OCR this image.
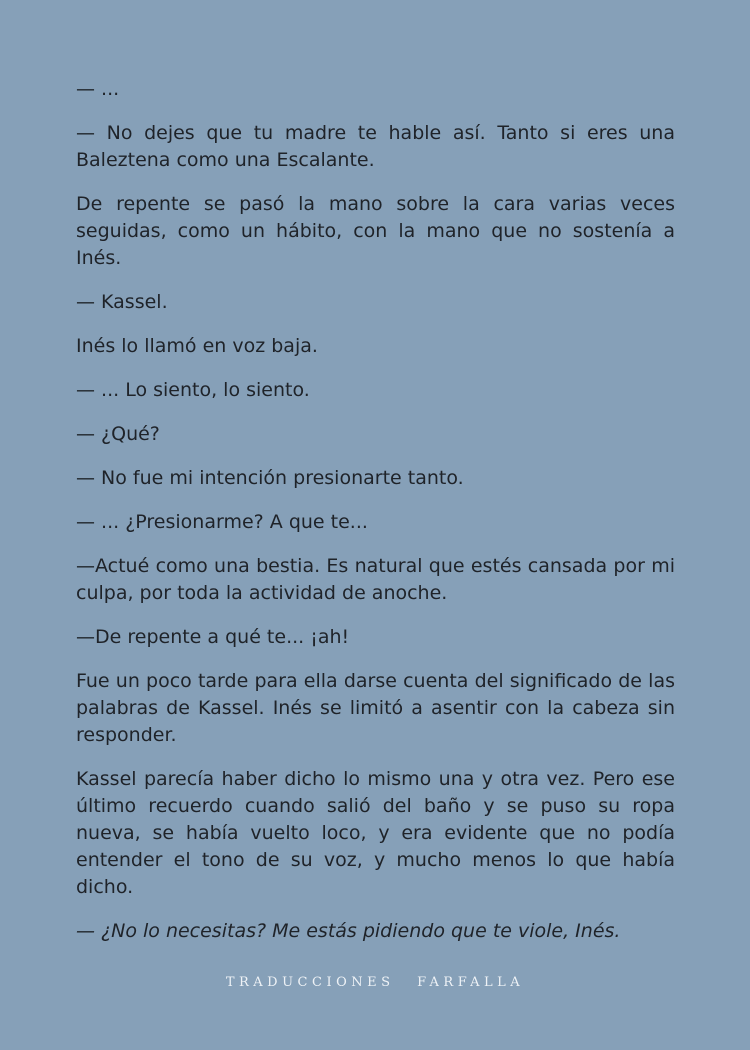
— ...

— No dejes que tu madre te hable así. Tanto si eres una Baleztena como una Escalante.

De repente se pasó la mano sobre la cara varias veces seguidas, como un hábito, con la mano que no sostenía a Inés.

— Kassel.

Inés lo llamó en voz baja.

— ... Lo siento, lo siento.

— ¿Qué?

— No fue mi intención presionarte tanto.

— ... ¿Presionarme? A que te...

—Actué como una bestia. Es natural que estés cansada por mi culpa, por toda la actividad de anoche.

—De repente a qué te... ¡ah!

Fue un poco tarde para ella darse cuenta del significado de las palabras de Kassel. Inés se limitó a asentir con la cabeza sin responder.

Kassel parecía haber dicho lo mismo una y otra vez. Pero ese último recuerdo cuando salió del baño y se puso su ropa nueva, se había vuelto loco, y era evidente que no podía entender el tono de su voz, y mucho menos lo que había dicho.

— ¿No lo necesitas? Me estás pidiendo que te viole, Inés.

TRADUCCIONES FARFALLA
